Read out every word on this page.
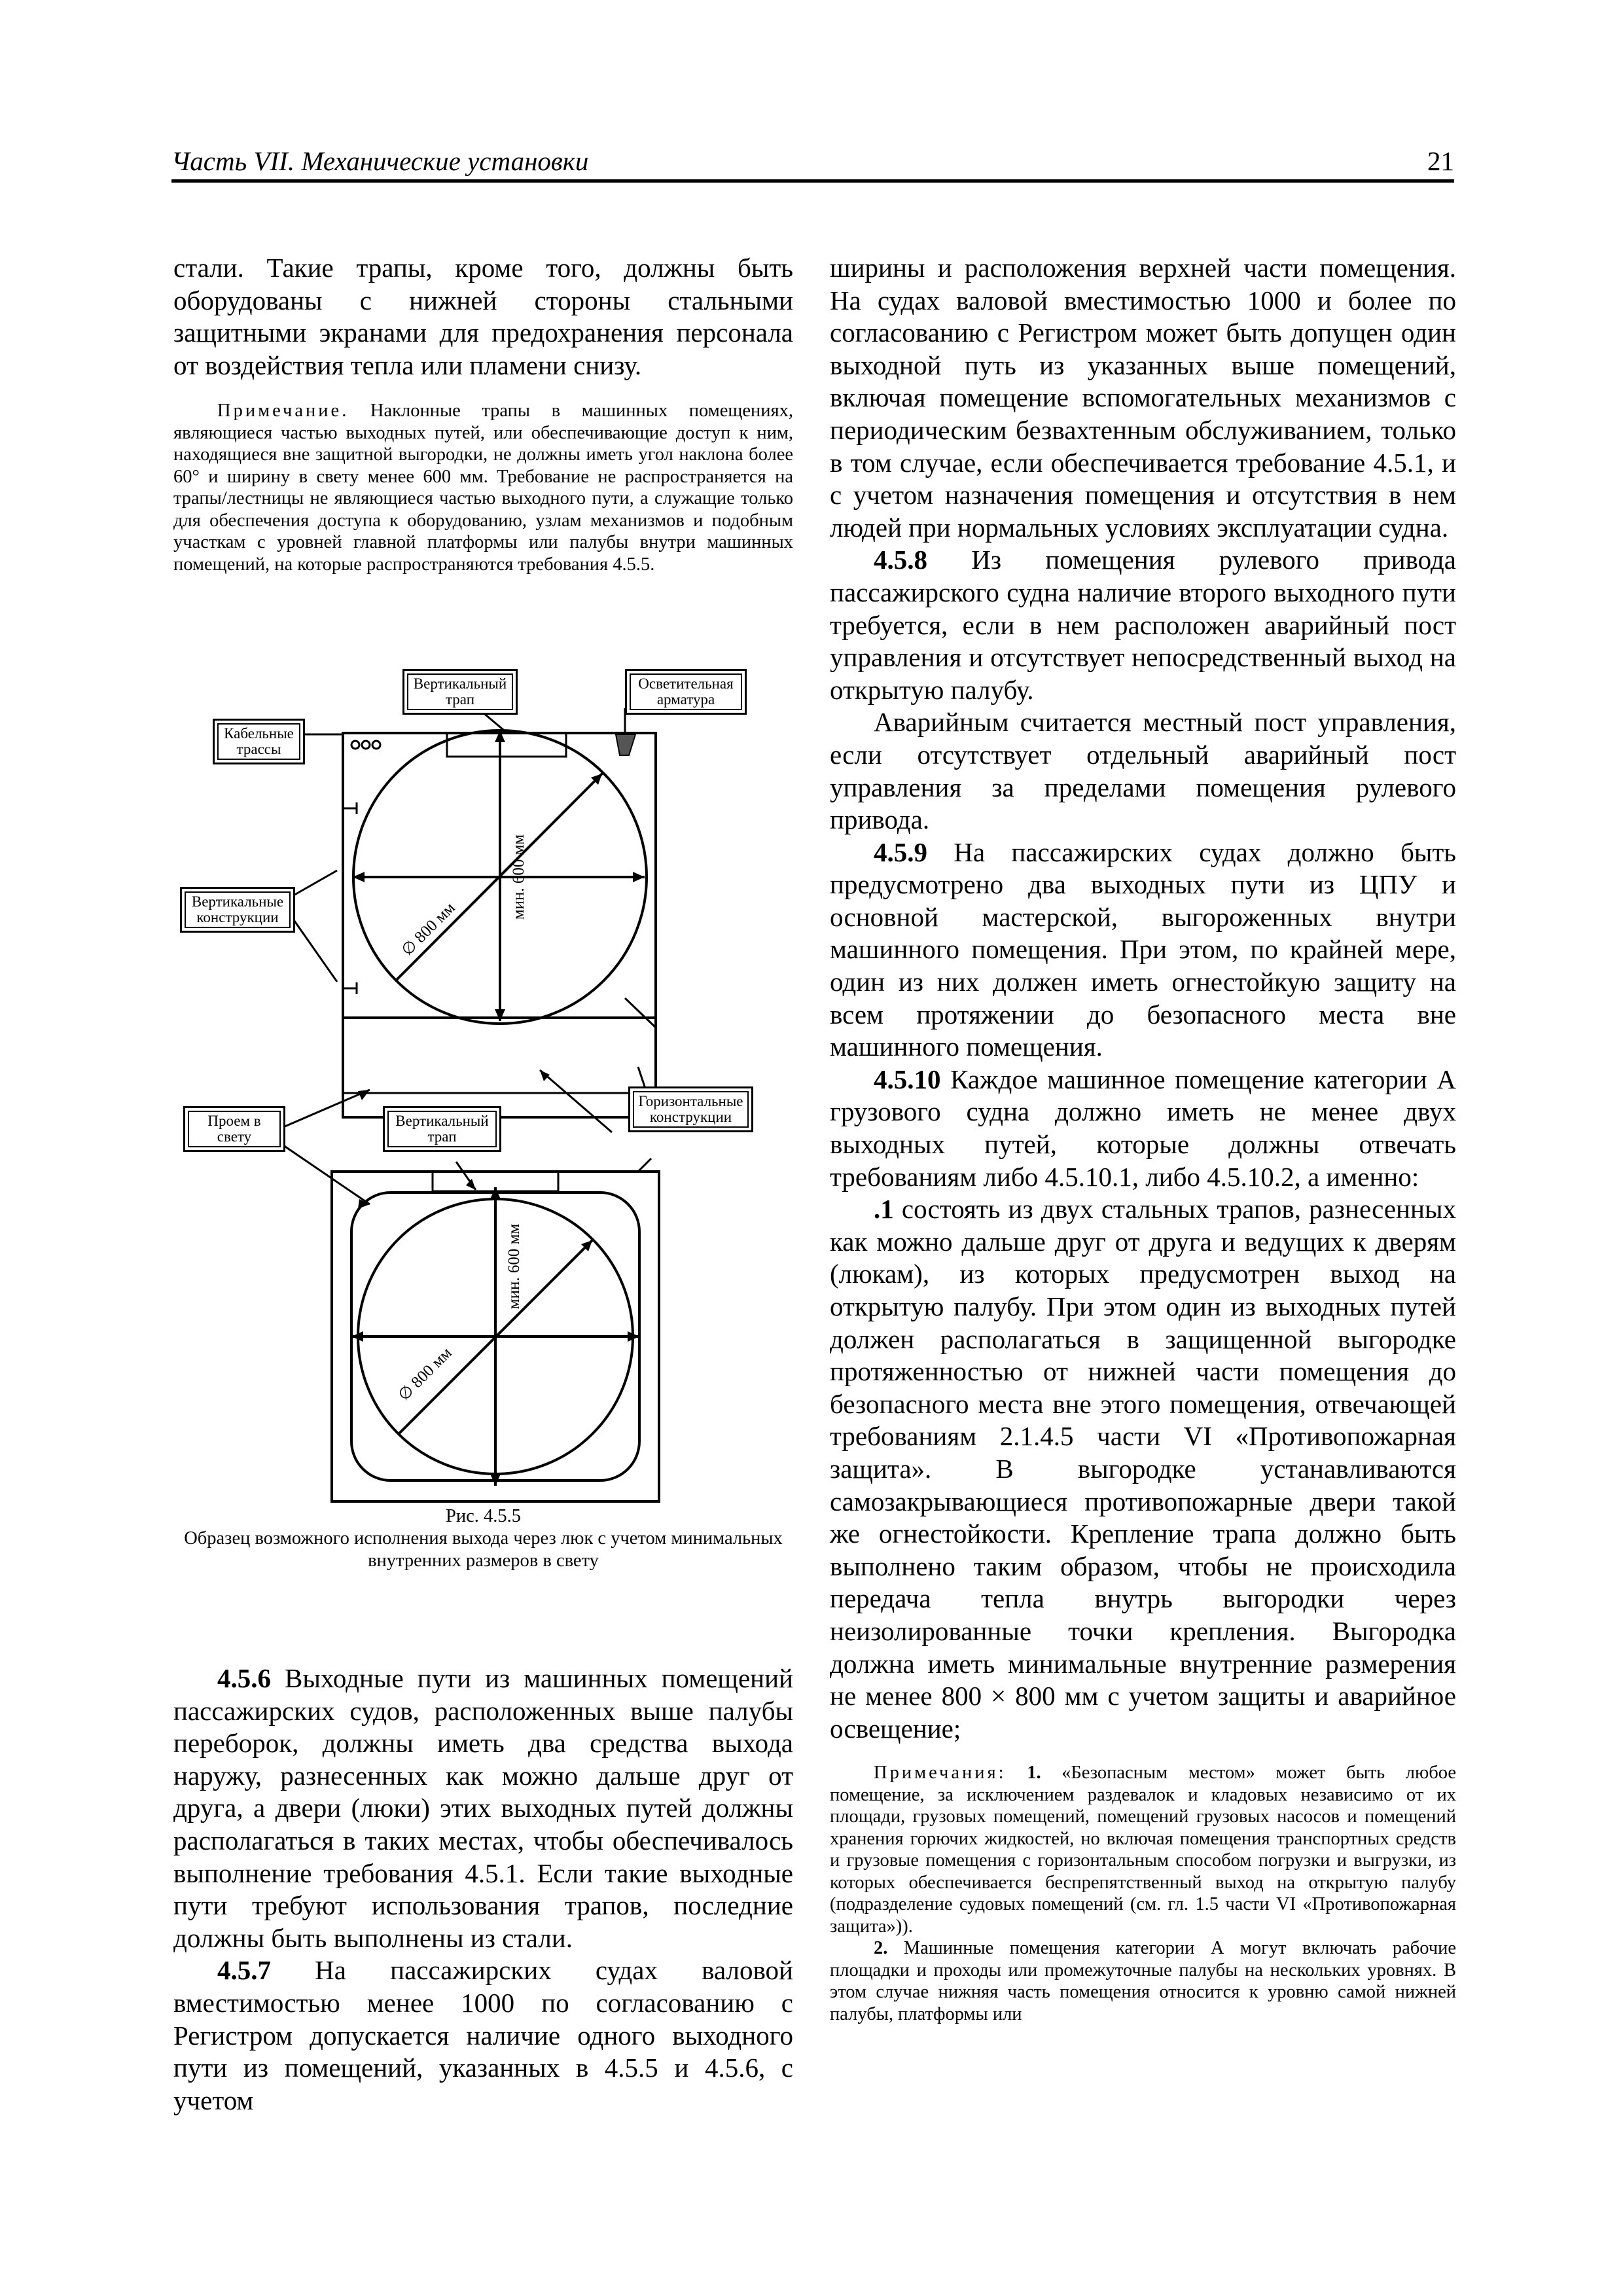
Часть VII. Механические установки	21

стали. Такие трапы, кроме того, должны быть оборудованы с нижней стороны стальными защитными экранами для предохранения персонала от воздействия тепла или пламени снизу.

Примечание. Наклонные трапы в машинных помещениях, являющиеся частью выходных путей, или обеспечивающие доступ к ним, находящиеся вне защитной выгородки, не должны иметь угол наклона более 60° и ширину в свету менее 600 мм. Требование не распространяется на трапы/лестницы не являющиеся частью выходного пути, а служащие только для обеспечения доступа к оборудованию, узлам механизмов и подобным участкам с уровней главной платформы или палубы внутри машинных помещений, на которые распространяются требования 4.5.5.

мин. 600 мм
∅ 800 мм
мин. 600 мм
∅ 800 мм
Вертикальный трап
Осветительная арматура
Кабельные трассы
Вертикальные конструкции
Проем в свету
Вертикальный трап
Горизонтальные конструкции
Рис. 4.5.5
Образец возможного исполнения выхода через люк с учетом минимальных внутренних размеров в свету

4.5.6 Выходные пути из машинных помещений пассажирских судов, расположенных выше палубы переборок, должны иметь два средства выхода наружу, разнесенных как можно дальше друг от друга, а двери (люки) этих выходных путей должны располагаться в таких местах, чтобы обеспечивалось выполнение требования 4.5.1. Если такие выходные пути требуют использования трапов, последние должны быть выполнены из стали.

4.5.7 На пассажирских судах валовой вместимостью менее 1000 по согласованию с Регистром допускается наличие одного выходного пути из помещений, указанных в 4.5.5 и 4.5.6, с учетом

ширины и расположения верхней части помещения. На судах валовой вместимостью 1000 и более по согласованию с Регистром может быть допущен один выходной путь из указанных выше помещений, включая помещение вспомогательных механизмов с периодическим безвахтенным обслуживанием, только в том случае, если обеспечивается требование 4.5.1, и с учетом назначения помещения и отсутствия в нем людей при нормальных условиях эксплуатации судна.

4.5.8 Из помещения рулевого привода пассажирского судна наличие второго выходного пути требуется, если в нем расположен аварийный пост управления и отсутствует непосредственный выход на открытую палубу.

Аварийным считается местный пост управления, если отсутствует отдельный аварийный пост управления за пределами помещения рулевого привода.

4.5.9 На пассажирских судах должно быть предусмотрено два выходных пути из ЦПУ и основной мастерской, выгороженных внутри машинного помещения. При этом, по крайней мере, один из них должен иметь огнестойкую защиту на всем протяжении до безопасного места вне машинного помещения.

4.5.10 Каждое машинное помещение категории А грузового судна должно иметь не менее двух выходных путей, которые должны отвечать требованиям либо 4.5.10.1, либо 4.5.10.2, а именно:

.1 состоять из двух стальных трапов, разнесенных как можно дальше друг от друга и ведущих к дверям (люкам), из которых предусмотрен выход на открытую палубу. При этом один из выходных путей должен располагаться в защищенной выгородке протяженностью от нижней части помещения до безопасного места вне этого помещения, отвечающей требованиям 2.1.4.5 части VI «Противопожарная защита». В выгородке устанавливаются самозакрывающиеся противопожарные двери такой же огнестойкости. Крепление трапа должно быть выполнено таким образом, чтобы не происходила передача тепла внутрь выгородки через неизолированные точки крепления. Выгородка должна иметь минимальные внутренние размерения не менее 800 × 800 мм с учетом защиты и аварийное освещение;

Примечания: 1. «Безопасным местом» может быть любое помещение, за исключением раздевалок и кладовых независимо от их площади, грузовых помещений, помещений грузовых насосов и помещений хранения горючих жидкостей, но включая помещения транспортных средств и грузовые помещения с горизонтальным способом погрузки и выгрузки, из которых обеспечивается беспрепятственный выход на открытую палубу (подразделение судовых помещений (см. гл. 1.5 части VI «Противопожарная защита»)).

2. Машинные помещения категории А могут включать рабочие площадки и проходы или промежуточные палубы на нескольких уровнях. В этом случае нижняя часть помещения относится к уровню самой нижней палубы, платформы или
